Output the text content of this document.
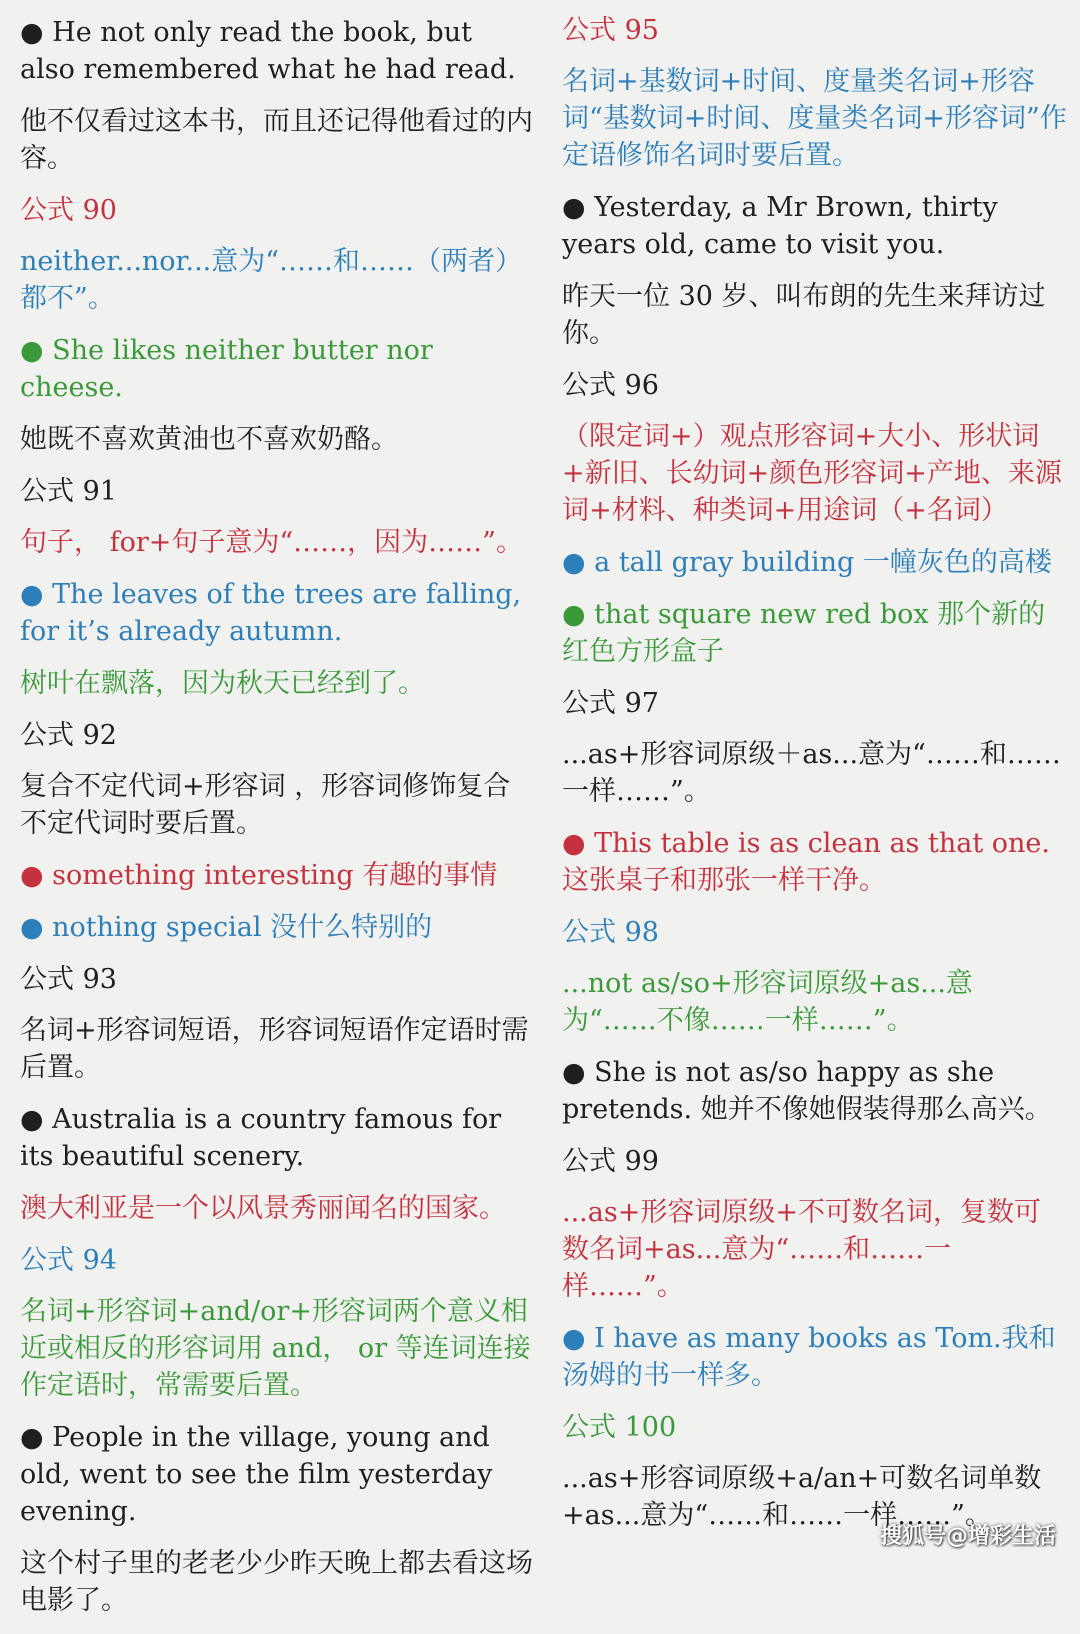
● He not only read the book, but also remembered what he had read.
他不仅看过这本书，而且还记得他看过的内容。
公式 90
neither...nor...意为“……和……（两者）都不”。
● She likes neither butter nor cheese.
她既不喜欢黄油也不喜欢奶酪。
公式 91
句子， for+句子意为“……，因为……”。
● The leaves of the trees are falling, for it’s already autumn.
树叶在飘落，因为秋天已经到了。
公式 92
复合不定代词+形容词 ，形容词修饰复合不定代词时要后置。
● something interesting 有趣的事情
● nothing special 没什么特别的
公式 93
名词+形容词短语，形容词短语作定语时需后置。
● Australia is a country famous for its beautiful scenery.
澳大利亚是一个以风景秀丽闻名的国家。
公式 94
名词+形容词+and/or+形容词两个意义相近或相反的形容词用 and， or 等连词连接作定语时，常需要后置。
● People in the village, young and old, went to see the film yesterday evening.
这个村子里的老老少少昨天晚上都去看这场电影了。
公式 95
名词+基数词+时间、度量类名词+形容词“基数词+时间、度量类名词+形容词”作定语修饰名词时要后置。
● Yesterday, a Mr Brown, thirty years old, came to visit you.
昨天一位 30 岁、叫布朗的先生来拜访过你。
公式 96
（限定词+）观点形容词+大小、形状词+新旧、长幼词+颜色形容词+产地、来源词+材料、种类词+用途词（+名词）
● a tall gray building 一幢灰色的高楼
● that square new red box 那个新的红色方形盒子
公式 97
...as+形容词原级＋as...意为“……和……一样……”。
● This table is as clean as that one.这张桌子和那张一样干净。
公式 98
...not as/so+形容词原级+as...意为“……不像……一样……”。
● She is not as/so happy as she pretends. 她并不像她假装得那么高兴。
公式 99
...as+形容词原级+不可数名词，复数可数名词+as...意为“……和……一样……”。
● I have as many books as Tom.我和汤姆的书一样多。
公式 100
...as+形容词原级+a/an+可数名词单数+as...意为“……和……一样……”。
搜狐号@增彩生活
